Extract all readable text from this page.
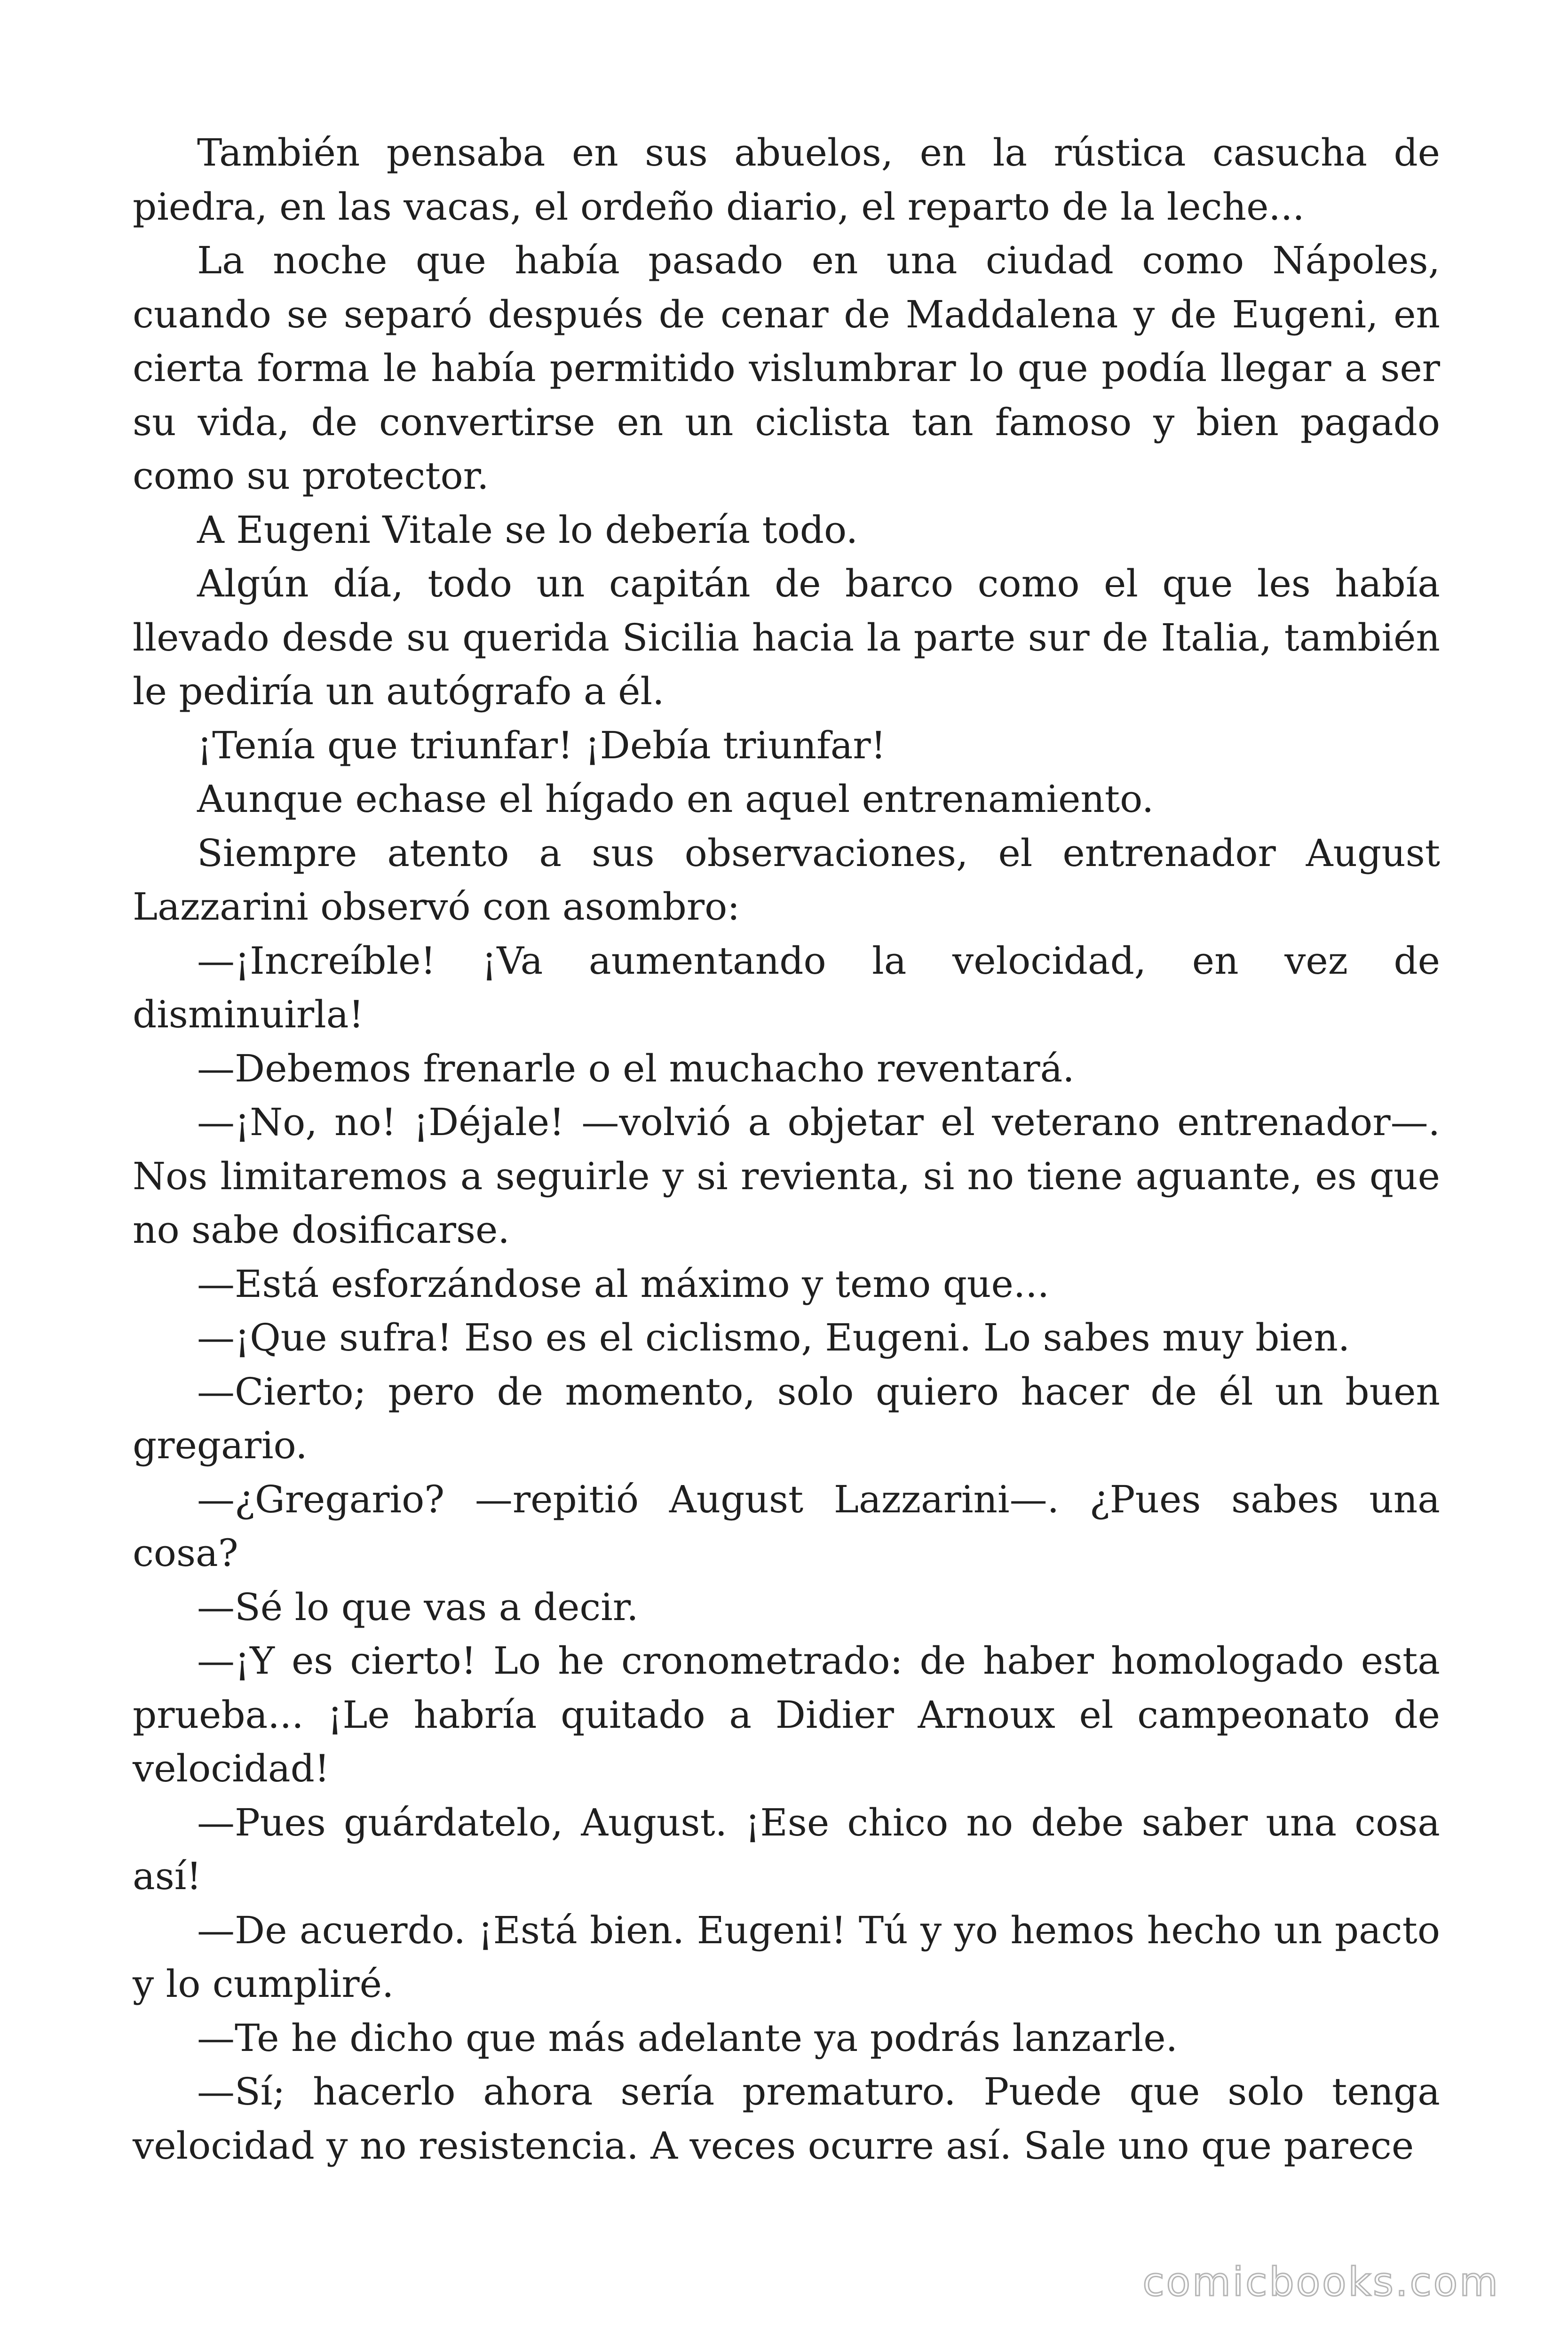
También pensaba en sus abuelos, en la rústica casucha de piedra, en las vacas, el ordeño diario, el reparto de la leche...

La noche que había pasado en una ciudad como Nápoles, cuando se separó después de cenar de Maddalena y de Eugeni, en cierta forma le había permitido vislumbrar lo que podía llegar a ser su vida, de convertirse en un ciclista tan famoso y bien pagado como su protector.

A Eugeni Vitale se lo debería todo.

Algún día, todo un capitán de barco como el que les había llevado desde su querida Sicilia hacia la parte sur de Italia, también le pediría un autógrafo a él.

¡Tenía que triunfar! ¡Debía triunfar!

Aunque echase el hígado en aquel entrenamiento.

Siempre atento a sus observaciones, el entrenador August Lazzarini observó con asombro:

—¡Increíble! ¡Va aumentando la velocidad, en vez de disminuirla!

—Debemos frenarle o el muchacho reventará.

—¡No, no! ¡Déjale! —volvió a objetar el veterano entrenador—. Nos limitaremos a seguirle y si revienta, si no tiene aguante, es que no sabe dosificarse.

—Está esforzándose al máximo y temo que...

—¡Que sufra! Eso es el ciclismo, Eugeni. Lo sabes muy bien.

—Cierto; pero de momento, solo quiero hacer de él un buen gregario.

—¿Gregario? —repitió August Lazzarini—. ¿Pues sabes una cosa?

—Sé lo que vas a decir.

—¡Y es cierto! Lo he cronometrado: de haber homologado esta prueba... ¡Le habría quitado a Didier Arnoux el campeonato de velocidad!

—Pues guárdatelo, August. ¡Ese chico no debe saber una cosa así!

—De acuerdo. ¡Está bien. Eugeni! Tú y yo hemos hecho un pacto y lo cumpliré.

—Te he dicho que más adelante ya podrás lanzarle.

—Sí; hacerlo ahora sería prematuro. Puede que solo tenga velocidad y no resistencia. A veces ocurre así. Sale uno que parece

comicbooks.com
